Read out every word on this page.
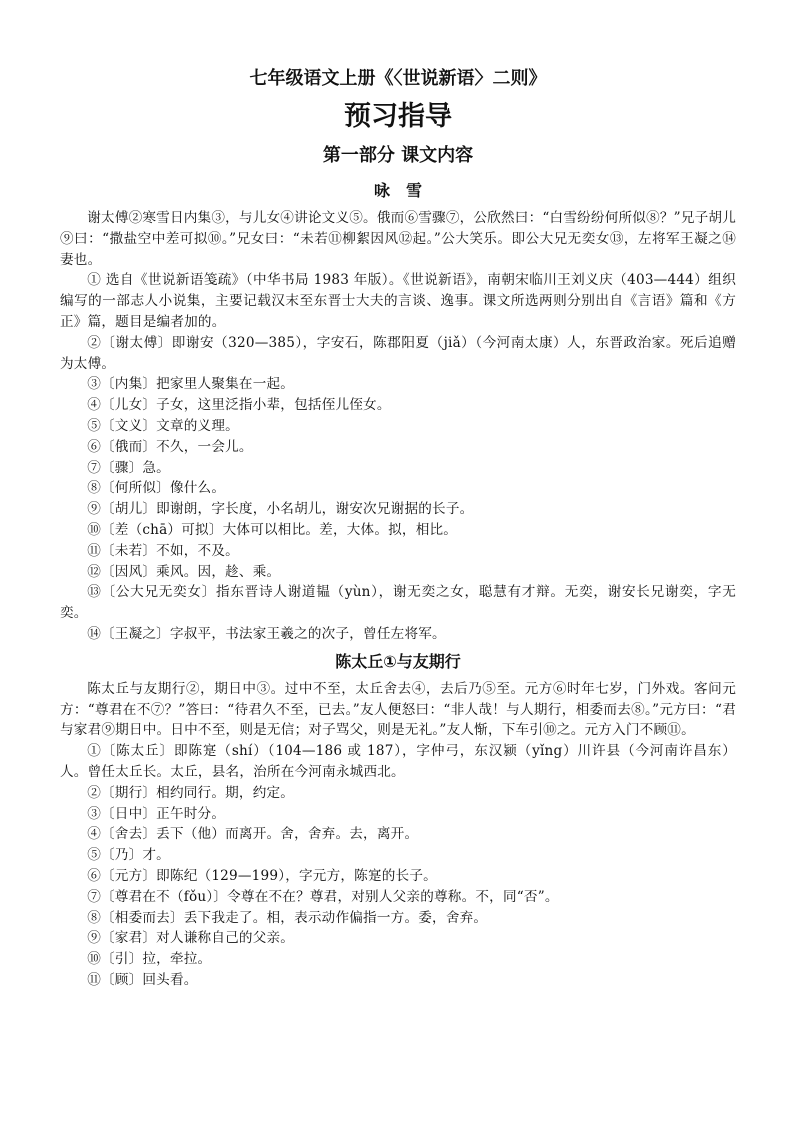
七年级语文上册《〈世说新语〉二则》
预习指导
第一部分 课文内容
咏　雪

谢太傅②寒雪日内集③，与儿女④讲论文义⑤。俄而⑥雪骤⑦，公欣然曰：“白雪纷纷何所似⑧？”兄子胡儿⑨曰：“撒盐空中差可拟⑩。”兄女曰：“未若⑪柳絮因风⑫起。”公大笑乐。即公大兄无奕女⑬，左将军王凝之⑭妻也。

① 选自《世说新语笺疏》（中华书局 1983 年版）。《世说新语》，南朝宋临川王刘义庆（403—444）组织编写的一部志人小说集，主要记载汉末至东晋士大夫的言谈、逸事。课文所选两则分别出自《言语》篇和《方正》篇，题目是编者加的。

②〔谢太傅〕即谢安（320—385），字安石，陈郡阳夏（jiǎ）（今河南太康）人，东晋政治家。死后追赠为太傅。

③〔内集〕把家里人聚集在一起。

④〔儿女〕子女，这里泛指小辈，包括侄儿侄女。

⑤〔文义〕文章的义理。

⑥〔俄而〕不久，一会儿。

⑦〔骤〕急。

⑧〔何所似〕像什么。

⑨〔胡儿〕即谢朗，字长度，小名胡儿，谢安次兄谢据的长子。

⑩〔差（chā）可拟〕大体可以相比。差，大体。拟，相比。

⑪〔未若〕不如，不及。

⑫〔因风〕乘风。因，趁、乘。

⑬〔公大兄无奕女〕指东晋诗人谢道韫（yùn），谢无奕之女，聪慧有才辩。无奕，谢安长兄谢奕，字无奕。

⑭〔王凝之〕字叔平，书法家王羲之的次子，曾任左将军。

陈太丘①与友期行

陈太丘与友期行②，期日中③。过中不至，太丘舍去④，去后乃⑤至。元方⑥时年七岁，门外戏。客问元方：“尊君在不⑦？”答曰：“待君久不至，已去。”友人便怒曰：“非人哉！与人期行，相委而去⑧。”元方曰：“君与家君⑨期日中。日中不至，则是无信；对子骂父，则是无礼。”友人惭，下车引⑩之。元方入门不顾⑪。

①〔陈太丘〕即陈寔（shí）（104—186 或 187），字仲弓，东汉颍（yǐng）川许县（今河南许昌东）人。曾任太丘长。太丘，县名，治所在今河南永城西北。

②〔期行〕相约同行。期，约定。

③〔日中〕正午时分。

④〔舍去〕丢下（他）而离开。舍，舍弃。去，离开。

⑤〔乃〕才。

⑥〔元方〕即陈纪（129—199），字元方，陈寔的长子。

⑦〔尊君在不（fǒu）〕令尊在不在？尊君，对别人父亲的尊称。不，同“否”。

⑧〔相委而去〕丢下我走了。相，表示动作偏指一方。委，舍弃。

⑨〔家君〕对人谦称自己的父亲。

⑩〔引〕拉，牵拉。

⑪〔顾〕回头看。
